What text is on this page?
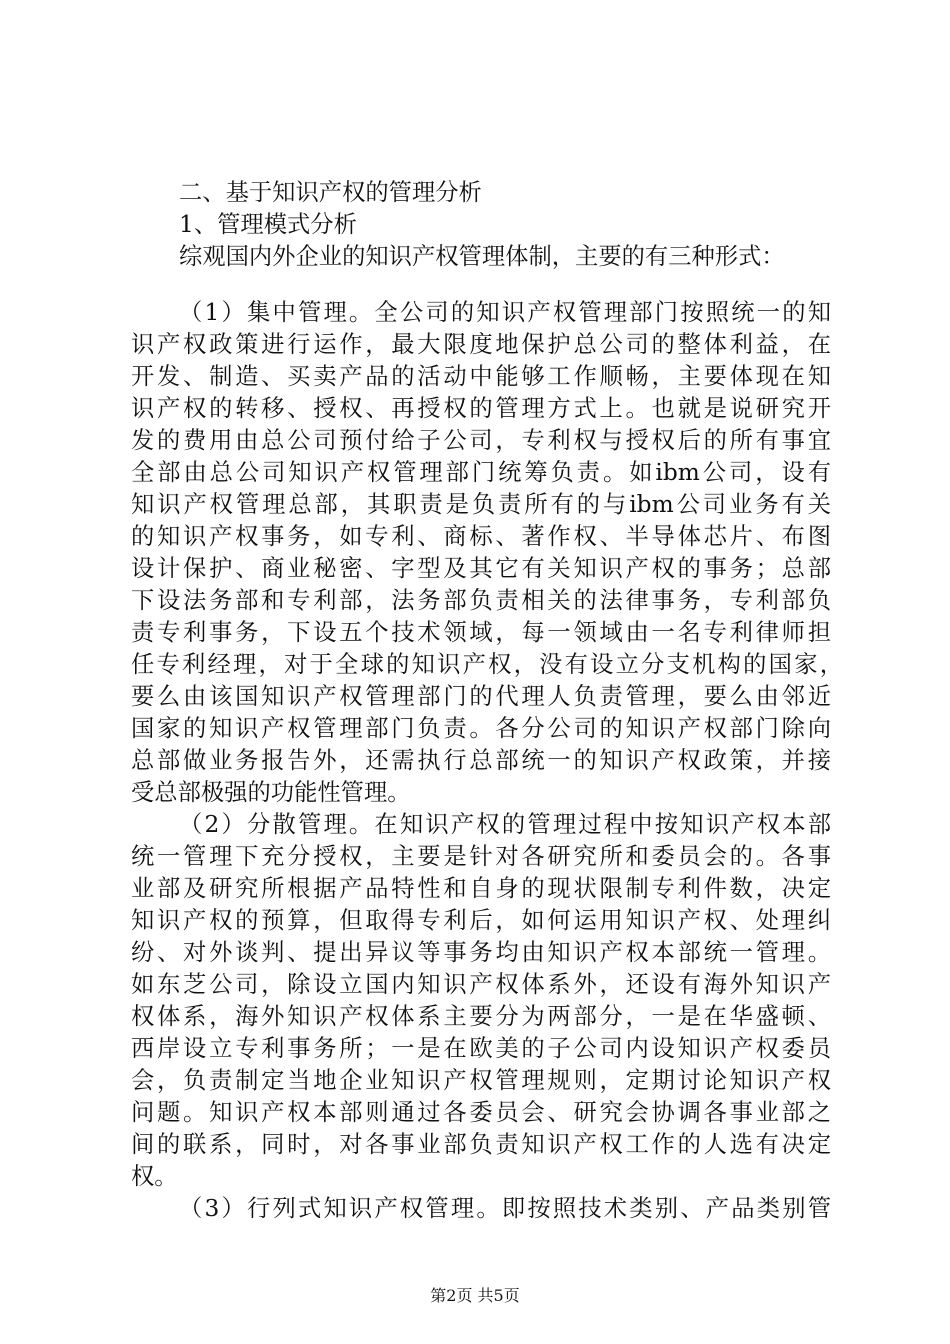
二、基于知识产权的管理分析
1、管理模式分析
综观国内外企业的知识产权管理体制，主要的有三种形式：
（1）集中管理。全公司的知识产权管理部门按照统一的知
识产权政策进行运作，最大限度地保护总公司的整体利益，在
开发、制造、买卖产品的活动中能够工作顺畅，主要体现在知
识产权的转移、授权、再授权的管理方式上。也就是说研究开
发的费用由总公司预付给子公司，专利权与授权后的所有事宜
全部由总公司知识产权管理部门统筹负责。如ibm公司，设有
知识产权管理总部，其职责是负责所有的与ibm公司业务有关
的知识产权事务，如专利、商标、著作权、半导体芯片、布图
设计保护、商业秘密、字型及其它有关知识产权的事务；总部
下设法务部和专利部，法务部负责相关的法律事务，专利部负
责专利事务，下设五个技术领域，每一领域由一名专利律师担
任专利经理，对于全球的知识产权，没有设立分支机构的国家，
要么由该国知识产权管理部门的代理人负责管理，要么由邻近
国家的知识产权管理部门负责。各分公司的知识产权部门除向
总部做业务报告外，还需执行总部统一的知识产权政策，并接
受总部极强的功能性管理。
（2）分散管理。在知识产权的管理过程中按知识产权本部
统一管理下充分授权，主要是针对各研究所和委员会的。各事
业部及研究所根据产品特性和自身的现状限制专利件数，决定
知识产权的预算，但取得专利后，如何运用知识产权、处理纠
纷、对外谈判、提出异议等事务均由知识产权本部统一管理。
如东芝公司，除设立国内知识产权体系外，还设有海外知识产
权体系，海外知识产权体系主要分为两部分，一是在华盛顿、
西岸设立专利事务所；一是在欧美的子公司内设知识产权委员
会，负责制定当地企业知识产权管理规则，定期讨论知识产权
问题。知识产权本部则通过各委员会、研究会协调各事业部之
间的联系，同时，对各事业部负责知识产权工作的人选有决定
权。
（3）行列式知识产权管理。即按照技术类别、产品类别管
第2页 共5页
